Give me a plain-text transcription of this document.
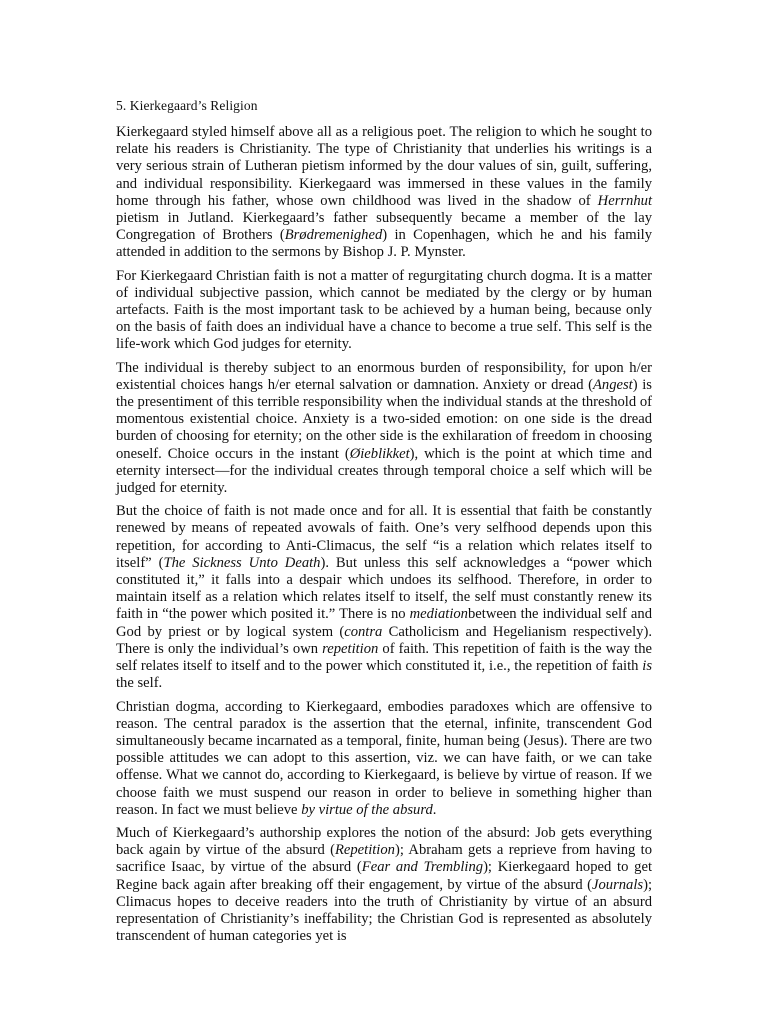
5. Kierkegaard’s Religion

Kierkegaard styled himself above all as a religious poet. The religion to which he sought to relate his readers is Christianity. The type of Christianity that underlies his writings is a very serious strain of Lutheran pietism informed by the dour values of sin, guilt, suffering, and individual responsibility. Kierkegaard was immersed in these values in the family home through his father, whose own childhood was lived in the shadow of Herrnhut pietism in Jutland. Kierkegaard’s father subsequently became a member of the lay Congregation of Brothers (Brødremenighed) in Copenhagen, which he and his family attended in addition to the sermons by Bishop J. P. Mynster.

For Kierkegaard Christian faith is not a matter of regurgitating church dogma. It is a matter of individual subjective passion, which cannot be mediated by the clergy or by human artefacts. Faith is the most important task to be achieved by a human being, because only on the basis of faith does an individual have a chance to become a true self. This self is the life-work which God judges for eternity.

The individual is thereby subject to an enormous burden of responsibility, for upon h/er existential choices hangs h/er eternal salvation or damnation. Anxiety or dread (Angest) is the presentiment of this terrible responsibility when the individual stands at the threshold of momentous existential choice. Anxiety is a two-sided emotion: on one side is the dread burden of choosing for eternity; on the other side is the exhilaration of freedom in choosing oneself. Choice occurs in the instant (Øieblikket), which is the point at which time and eternity intersect—for the individual creates through temporal choice a self which will be judged for eternity.

But the choice of faith is not made once and for all. It is essential that faith be constantly renewed by means of repeated avowals of faith. One’s very selfhood depends upon this repetition, for according to Anti-Climacus, the self “is a relation which relates itself to itself” (The Sickness Unto Death). But unless this self acknowledges a “power which constituted it,” it falls into a despair which undoes its selfhood. Therefore, in order to maintain itself as a relation which relates itself to itself, the self must constantly renew its faith in “the power which posited it.” There is no mediationbetween the individual self and God by priest or by logical system (contra Catholicism and Hegelianism respectively). There is only the individual’s own repetition of faith. This repetition of faith is the way the self relates itself to itself and to the power which constituted it, i.e., the repetition of faith is the self.

Christian dogma, according to Kierkegaard, embodies paradoxes which are offensive to reason. The central paradox is the assertion that the eternal, infinite, transcendent God simultaneously became incarnated as a temporal, finite, human being (Jesus). There are two possible attitudes we can adopt to this assertion, viz. we can have faith, or we can take offense. What we cannot do, according to Kierkegaard, is believe by virtue of reason. If we choose faith we must suspend our reason in order to believe in something higher than reason. In fact we must believe by virtue of the absurd.

Much of Kierkegaard’s authorship explores the notion of the absurd: Job gets everything back again by virtue of the absurd (Repetition); Abraham gets a reprieve from having to sacrifice Isaac, by virtue of the absurd (Fear and Trembling); Kierkegaard hoped to get Regine back again after breaking off their engagement, by virtue of the absurd (Journals); Climacus hopes to deceive readers into the truth of Christianity by virtue of an absurd representation of Christianity’s ineffability; the Christian God is represented as absolutely transcendent of human categories yet is
